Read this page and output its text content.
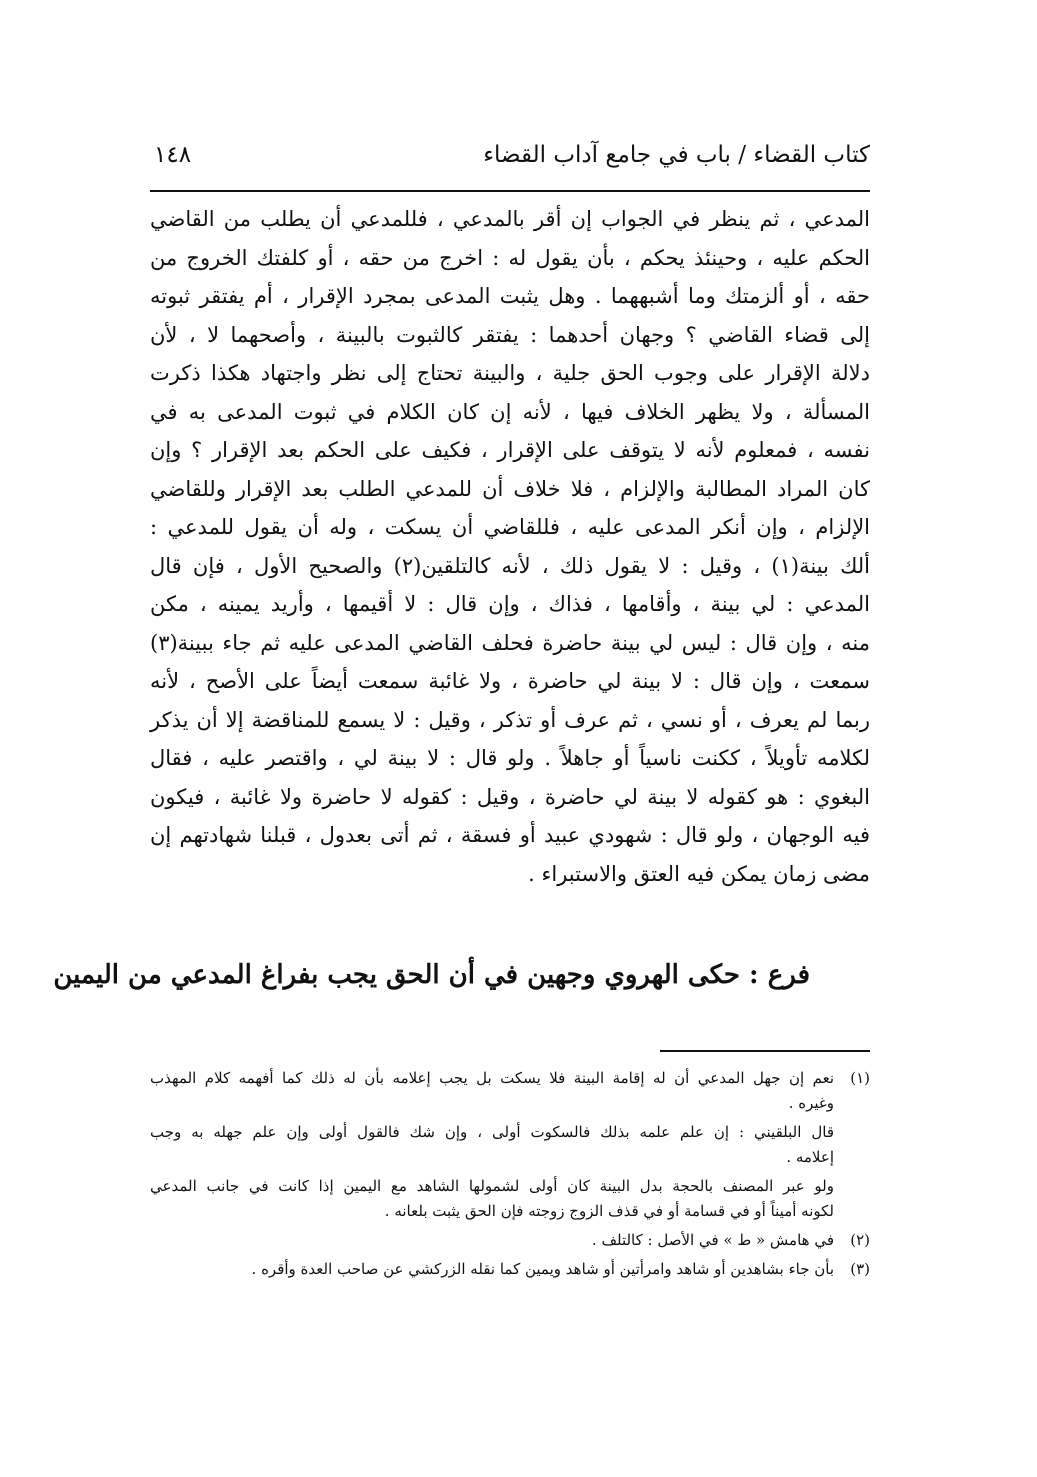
كتاب القضاء / باب في جامع آداب القضاء
١٤٨
المدعي ، ثم ينظر في الجواب إن أقر بالمدعي ، فللمدعي أن يطلب من القاضي
الحكم عليه ، وحينئذ يحكم ، بأن يقول له : اخرج من حقه ، أو كلفتك الخروج من
حقه ، أو ألزمتك وما أشبههما . وهل يثبت المدعى بمجرد الإقرار ، أم يفتقر ثبوته
إلى قضاء القاضي ؟ وجهان أحدهما : يفتقر كالثبوت بالبينة ، وأصحهما لا ، لأن
دلالة الإقرار على وجوب الحق جلية ، والبينة تحتاج إلى نظر واجتهاد هكذا ذكرت
المسألة ، ولا يظهر الخلاف فيها ، لأنه إن كان الكلام في ثبوت المدعى به في
نفسه ، فمعلوم لأنه لا يتوقف على الإقرار ، فكيف على الحكم بعد الإقرار ؟ وإن
كان المراد المطالبة والإلزام ، فلا خلاف أن للمدعي الطلب بعد الإقرار وللقاضي
الإلزام ، وإن أنكر المدعى عليه ، فللقاضي أن يسكت ، وله أن يقول للمدعي :
ألك بينة(١) ، وقيل : لا يقول ذلك ، لأنه كالتلقين(٢) والصحيح الأول ، فإن قال
المدعي : لي بينة ، وأقامها ، فذاك ، وإن قال : لا أقيمها ، وأريد يمينه ، مكن
منه ، وإن قال : ليس لي بينة حاضرة فحلف القاضي المدعى عليه ثم جاء ببينة(٣)
سمعت ، وإن قال : لا بينة لي حاضرة ، ولا غائبة سمعت أيضاً على الأصح ، لأنه
ربما لم يعرف ، أو نسي ، ثم عرف أو تذكر ، وقيل : لا يسمع للمناقضة إلا أن يذكر
لكلامه تأويلاً ، ككنت ناسياً أو جاهلاً . ولو قال : لا بينة لي ، واقتصر عليه ، فقال
البغوي : هو كقوله لا بينة لي حاضرة ، وقيل : كقوله لا حاضرة ولا غائبة ، فيكون
فيه الوجهان ، ولو قال : شهودي عبيد أو فسقة ، ثم أتى بعدول ، قبلنا شهادتهم إن
مضى زمان يمكن فيه العتق والاستبراء .
فرع : حكى الهروي وجهين في أن الحق يجب بفراغ المدعي من اليمين
(١)
نعم إن جهل المدعي أن له إقامة البينة فلا يسكت بل يجب إعلامه بأن له ذلك كما أفهمه كلام المهذب
وغيره .
قال البلقيني : إن علم علمه بذلك فالسكوت أولى ، وإن شك فالقول أولى وإن علم جهله به وجب
إعلامه .
ولو عبر المصنف بالحجة بدل البينة كان أولى لشمولها الشاهد مع اليمين إذا كانت في جانب المدعي
لكونه أميناً أو في قسامة أو في قذف الزوج زوجته فإن الحق يثبت بلعانه .
(٢)
في هامش « ط » في الأصل : كالتلف .
(٣)
بأن جاء بشاهدين أو شاهد وامرأتين أو شاهد ويمين كما نقله الزركشي عن صاحب العدة وأقره .
